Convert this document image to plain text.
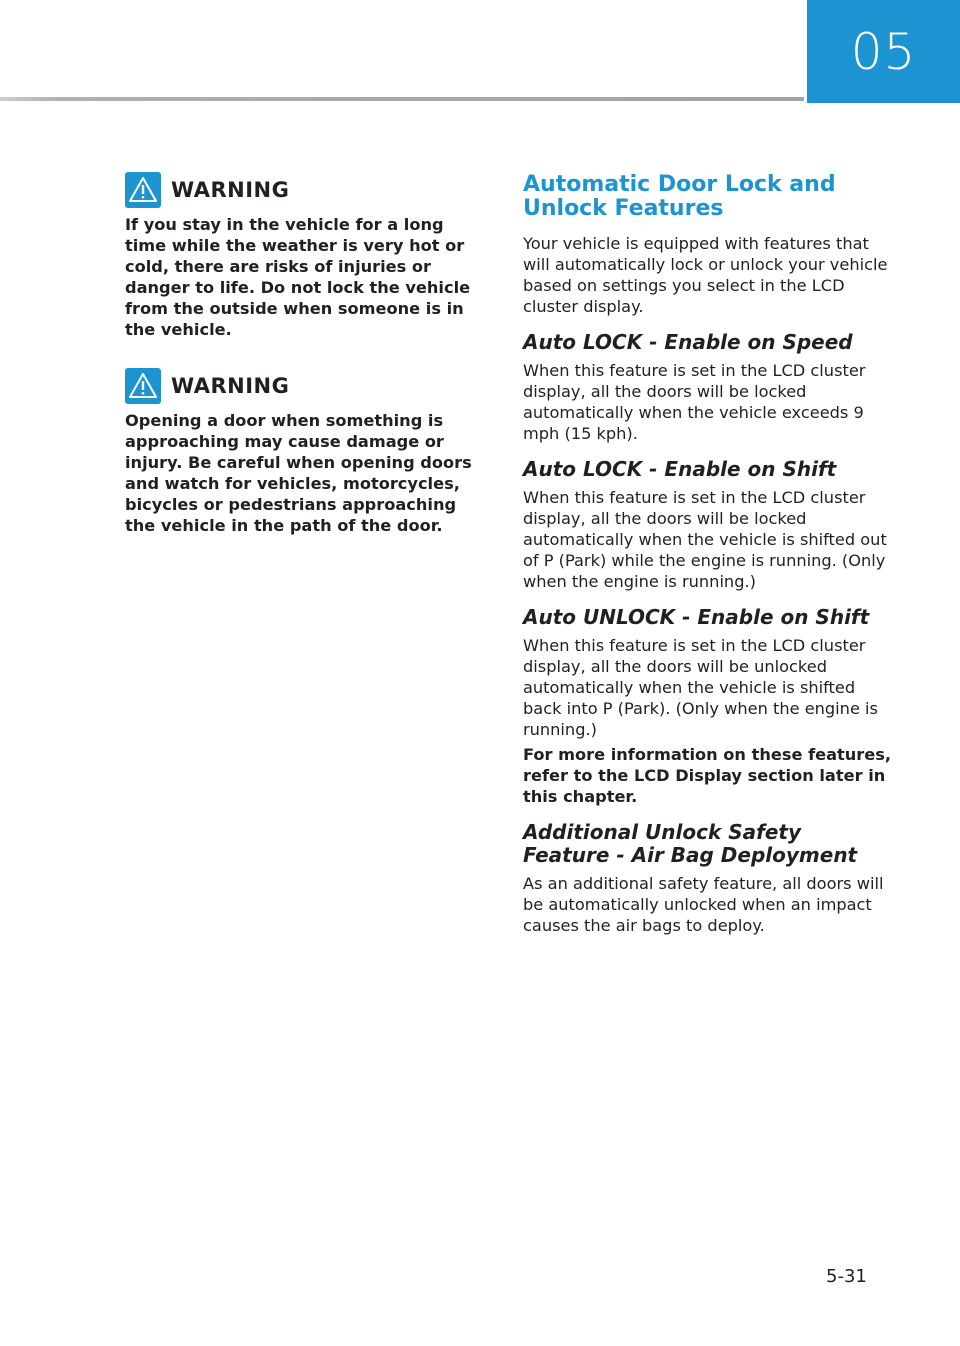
05
WARNING
If you stay in the vehicle for a long time while the weather is very hot or cold, there are risks of injuries or danger to life. Do not lock the vehicle from the outside when someone is in the vehicle.
WARNING
Opening a door when something is approaching may cause damage or injury. Be careful when opening doors and watch for vehicles, motorcycles, bicycles or pedestrians approaching the vehicle in the path of the door.
Automatic Door Lock and Unlock Features

Your vehicle is equipped with features that will automatically lock or unlock your vehicle based on settings you select in the LCD cluster display.

Auto LOCK - Enable on Speed

When this feature is set in the LCD cluster display, all the doors will be locked automatically when the vehicle exceeds 9 mph (15 kph).

Auto LOCK - Enable on Shift

When this feature is set in the LCD cluster display, all the doors will be locked automatically when the vehicle is shifted out of P (Park) while the engine is running. (Only when the engine is running.)

Auto UNLOCK - Enable on Shift

When this feature is set in the LCD cluster display, all the doors will be unlocked automatically when the vehicle is shifted back into P (Park). (Only when the engine is running.)

For more information on these features, refer to the LCD Display section later in this chapter.

Additional Unlock Safety Feature - Air Bag Deployment

As an additional safety feature, all doors will be automatically unlocked when an impact causes the air bags to deploy.

5-31
